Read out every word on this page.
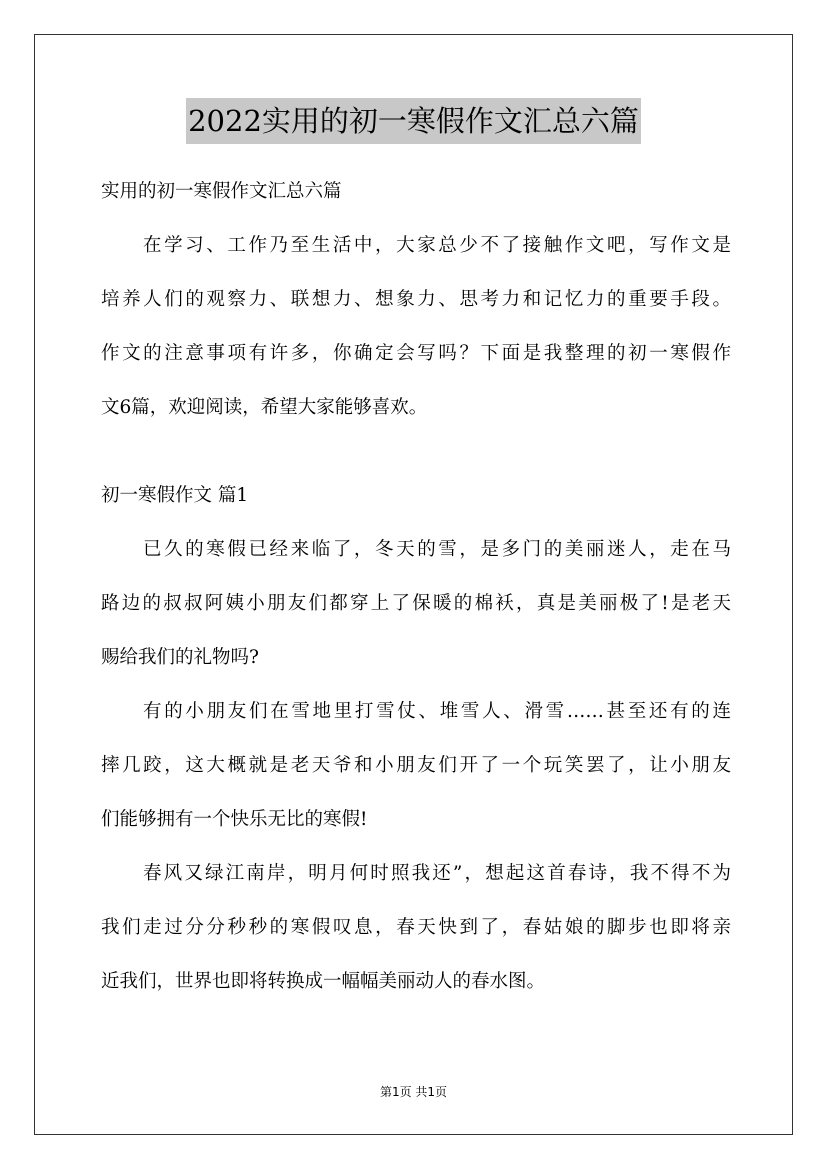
2022实用的初一寒假作文汇总六篇
实用的初一寒假作文汇总六篇
在学习、工作乃至生活中，大家总少不了接触作文吧，写作文是
培养人们的观察力、联想力、想象力、思考力和记忆力的重要手段。
作文的注意事项有许多，你确定会写吗？下面是我整理的初一寒假作
文6篇，欢迎阅读，希望大家能够喜欢。
初一寒假作文 篇1
已久的寒假已经来临了，冬天的雪，是多门的美丽迷人，走在马
路边的叔叔阿姨小朋友们都穿上了保暖的棉袄，真是美丽极了!是老天
赐给我们的礼物吗?
有的小朋友们在雪地里打雪仗、堆雪人、滑雪……甚至还有的连
摔几跤，这大概就是老天爷和小朋友们开了一个玩笑罢了，让小朋友
们能够拥有一个快乐无比的寒假!
春风又绿江南岸，明月何时照我还”，想起这首春诗，我不得不为
我们走过分分秒秒的寒假叹息，春天快到了，春姑娘的脚步也即将亲
近我们，世界也即将转换成一幅幅美丽动人的春水图。
第1页 共1页
